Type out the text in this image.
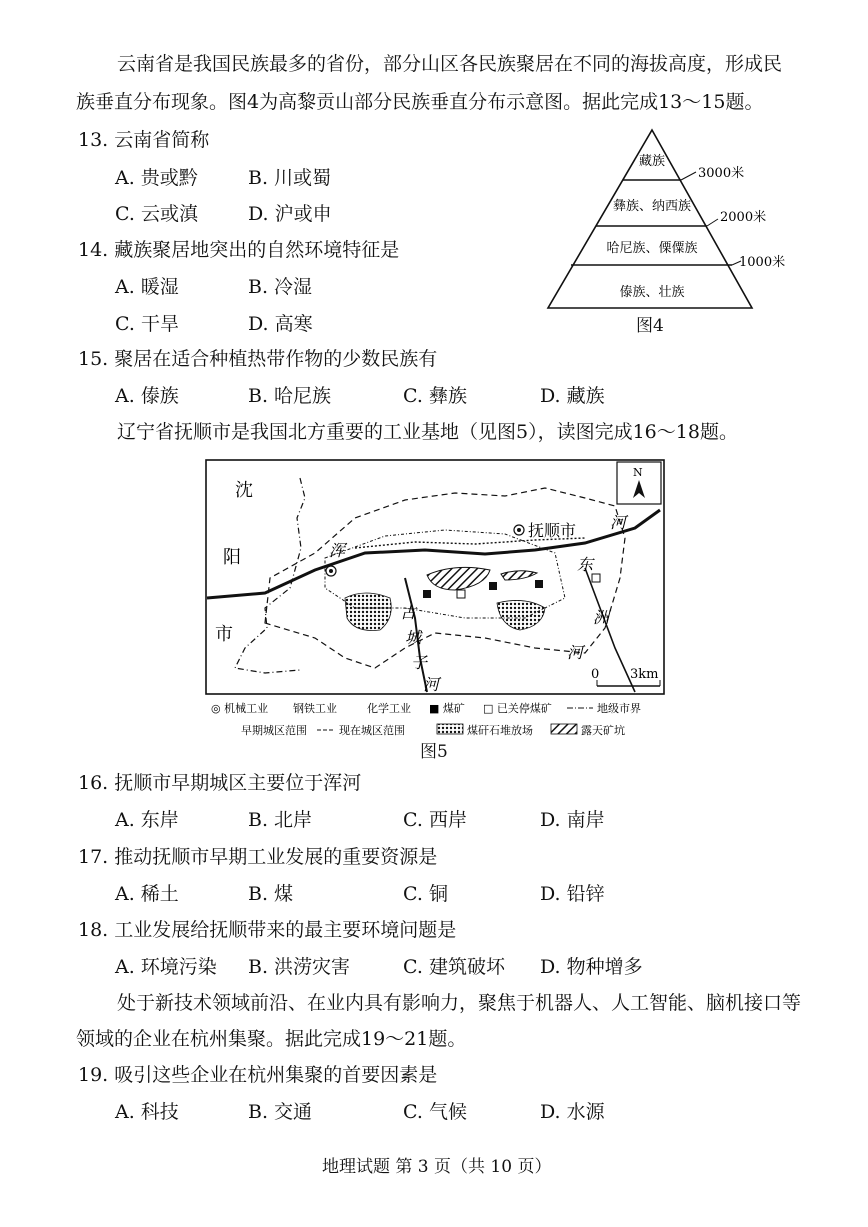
云南省是我国民族最多的省份，部分山区各民族聚居在不同的海拔高度，形成民
族垂直分布现象。图4为高黎贡山部分民族垂直分布示意图。据此完成13～15题。
13. 云南省简称
A. 贵或黔	B. 川或蜀
C. 云或滇	D. 沪或申
14. 藏族聚居地突出的自然环境特征是
A. 暖湿	B. 冷湿
C. 干旱	D. 高寒
藏族
彝族、纳西族
哈尼族、傈僳族
傣族、壮族
3000米
2000米
1000米
图4
15. 聚居在适合种植热带作物的少数民族有
A. 傣族	B. 哈尼族	C. 彝族	D. 藏族
辽宁省抚顺市是我国北方重要的工业基地（见图5），读图完成16～18题。
N
沈
阳
市
浑
抚顺市 河
古
城
子
河
东
洲
河
0 3km
◎ 机械工业 钢铁工业	化学工业 ■ 煤矿 □ 已关停煤矿	地级市界
早期城区范围	现在城区范围	煤矸石堆放场	露天矿坑
图5
16. 抚顺市早期城区主要位于浑河
A. 东岸	B. 北岸	C. 西岸	D. 南岸
17. 推动抚顺市早期工业发展的重要资源是
A. 稀土	B. 煤	C. 铜	D. 铅锌
18. 工业发展给抚顺带来的最主要环境问题是
A. 环境污染 B. 洪涝灾害	C. 建筑破坏 D. 物种增多
处于新技术领域前沿、在业内具有影响力，聚焦于机器人、人工智能、脑机接口等
领域的企业在杭州集聚。据此完成19～21题。
19. 吸引这些企业在杭州集聚的首要因素是
A. 科技	B. 交通	C. 气候	D. 水源
地理试题 第 3 页（共 10 页）
